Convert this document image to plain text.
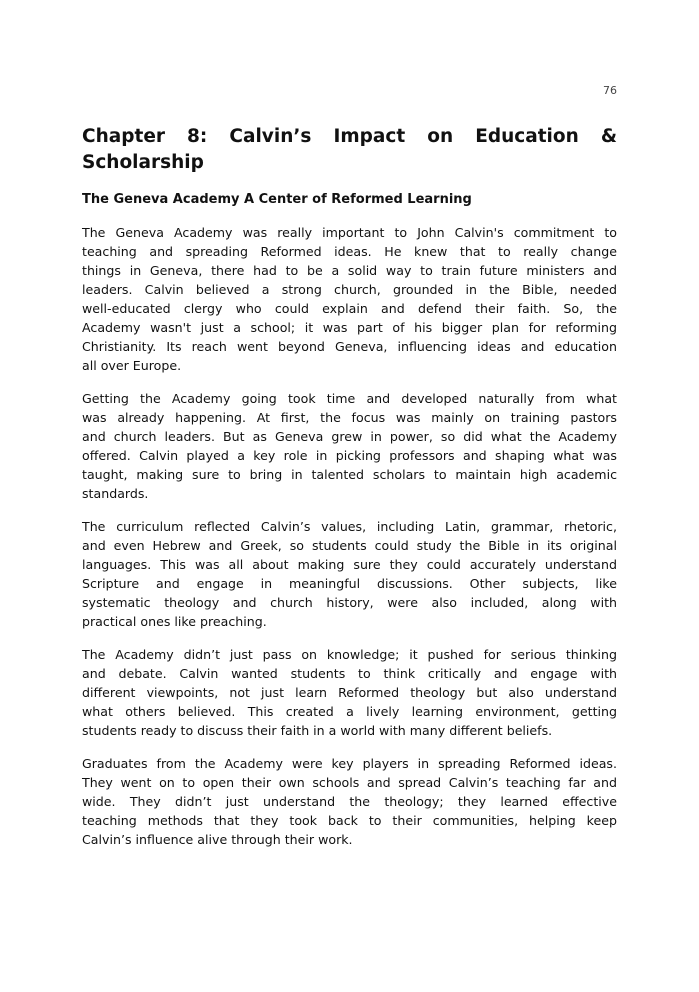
76
Chapter 8: Calvin’s Impact on Education &
Scholarship
The Geneva Academy A Center of Reformed Learning
The Geneva Academy was really important to John Calvin's commitment to
teaching and spreading Reformed ideas. He knew that to really change
things in Geneva, there had to be a solid way to train future ministers and
leaders. Calvin believed a strong church, grounded in the Bible, needed
well-educated clergy who could explain and defend their faith. So, the
Academy wasn't just a school; it was part of his bigger plan for reforming
Christianity. Its reach went beyond Geneva, influencing ideas and education
all over Europe.
Getting the Academy going took time and developed naturally from what
was already happening. At first, the focus was mainly on training pastors
and church leaders. But as Geneva grew in power, so did what the Academy
offered. Calvin played a key role in picking professors and shaping what was
taught, making sure to bring in talented scholars to maintain high academic
standards.
The curriculum reflected Calvin’s values, including Latin, grammar, rhetoric,
and even Hebrew and Greek, so students could study the Bible in its original
languages. This was all about making sure they could accurately understand
Scripture and engage in meaningful discussions. Other subjects, like
systematic theology and church history, were also included, along with
practical ones like preaching.
The Academy didn’t just pass on knowledge; it pushed for serious thinking
and debate. Calvin wanted students to think critically and engage with
different viewpoints, not just learn Reformed theology but also understand
what others believed. This created a lively learning environment, getting
students ready to discuss their faith in a world with many different beliefs.
Graduates from the Academy were key players in spreading Reformed ideas.
They went on to open their own schools and spread Calvin’s teaching far and
wide. They didn’t just understand the theology; they learned effective
teaching methods that they took back to their communities, helping keep
Calvin’s influence alive through their work.
